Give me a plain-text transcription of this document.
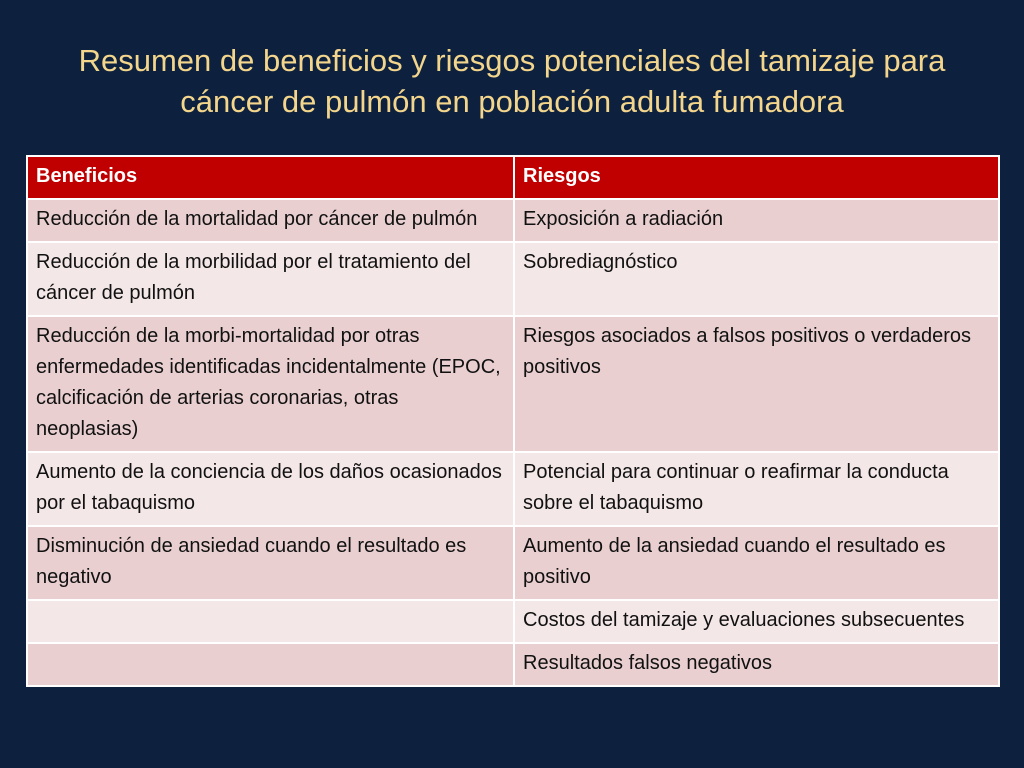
Resumen de beneficios y riesgos potenciales del tamizaje para
cáncer de pulmón en población adulta fumadora
Beneficios	Riesgos
Reducción de la mortalidad por cáncer de pulmón	Exposición a radiación
Reducción de la morbilidad por el tratamiento del cáncer de pulmón	Sobrediagnóstico
Reducción de la morbi-mortalidad por otras enfermedades identificadas incidentalmente (EPOC, calcificación de arterias coronarias, otras neoplasias)	Riesgos asociados a falsos positivos o verdaderos positivos
Aumento de la conciencia de los daños ocasionados por el tabaquismo	Potencial para continuar o reafirmar la conducta sobre el tabaquismo
Disminución de ansiedad cuando el resultado es negativo	Aumento de la ansiedad cuando el resultado es positivo
	Costos del tamizaje y evaluaciones subsecuentes
	Resultados falsos negativos
